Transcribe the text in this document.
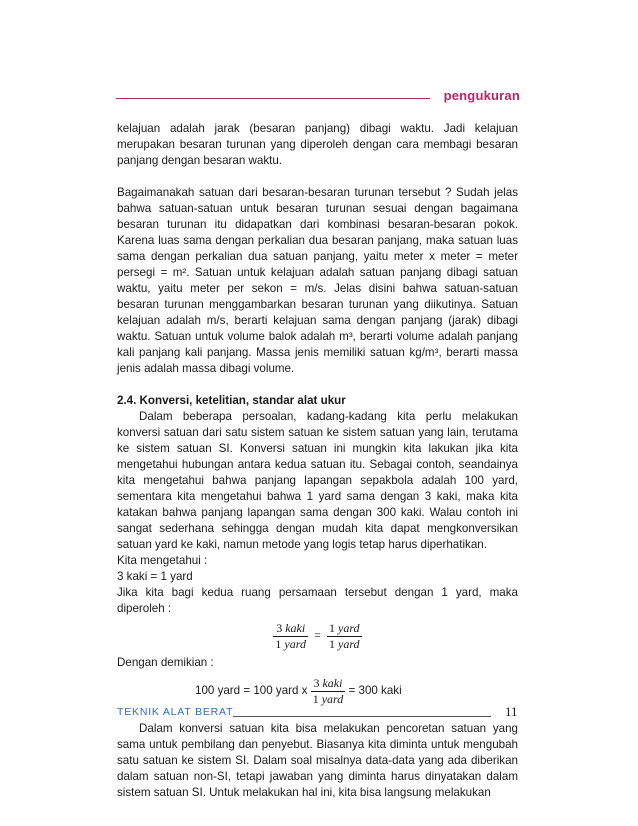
pengukuran

kelajuan adalah jarak (besaran panjang) dibagi waktu. Jadi kelajuan merupakan besaran turunan yang diperoleh dengan cara membagi besaran panjang dengan besaran waktu.

Bagaimanakah satuan dari besaran-besaran turunan tersebut ? Sudah jelas bahwa satuan-satuan untuk besaran turunan sesuai dengan bagaimana besaran turunan itu didapatkan dari kombinasi besaran-besaran pokok. Karena luas sama dengan perkalian dua besaran panjang, maka satuan luas sama dengan perkalian dua satuan panjang, yaitu meter x meter = meter persegi = m². Satuan untuk kelajuan adalah satuan panjang dibagi satuan waktu, yaitu meter per sekon = m/s. Jelas disini bahwa satuan-satuan besaran turunan menggambarkan besaran turunan yang diikutinya. Satuan kelajuan adalah m/s, berarti kelajuan sama dengan panjang (jarak) dibagi waktu. Satuan untuk volume balok adalah m³, berarti volume adalah panjang kali panjang kali panjang. Massa jenis memiliki satuan kg/m³, berarti massa jenis adalah massa dibagi volume.

2.4. Konversi, ketelitian, standar alat ukur

Dalam beberapa persoalan, kadang-kadang kita perlu melakukan konversi satuan dari satu sistem satuan ke sistem satuan yang lain, terutama ke sistem satuan SI. Konversi satuan ini mungkin kita lakukan jika kita mengetahui hubungan antara kedua satuan itu. Sebagai contoh, seandainya kita mengetahui bahwa panjang lapangan sepakbola adalah 100 yard, sementara kita mengetahui bahwa 1 yard sama dengan 3 kaki, maka kita katakan bahwa panjang lapangan sama dengan 300 kaki. Walau contoh ini sangat sederhana sehingga dengan mudah kita dapat mengkonversikan satuan yard ke kaki, namun metode yang logis tetap harus diperhatikan.

Kita mengetahui :

3 kaki = 1 yard

Jika kita bagi kedua ruang persamaan tersebut dengan 1 yard, maka diperoleh :

$\frac{\text{3 kaki}}{\text{1 yard}} = \frac{\text{1 yard}}{\text{1 yard}}$

Dengan demikian :

100 yard = 100 yard x $\frac{\text{3 kaki}}{\text{1 yard}} = 300$ kaki

Dalam konversi satuan kita bisa melakukan pencoretan satuan yang sama untuk pembilang dan penyebut. Biasanya kita diminta untuk mengubah satu satuan ke sistem SI. Dalam soal misalnya data-data yang ada diberikan dalam satuan non-SI, tetapi jawaban yang diminta harus dinyatakan dalam sistem satuan SI. Untuk melakukan hal ini, kita bisa langsung melakukan

TEKNIK ALAT BERAT	11
